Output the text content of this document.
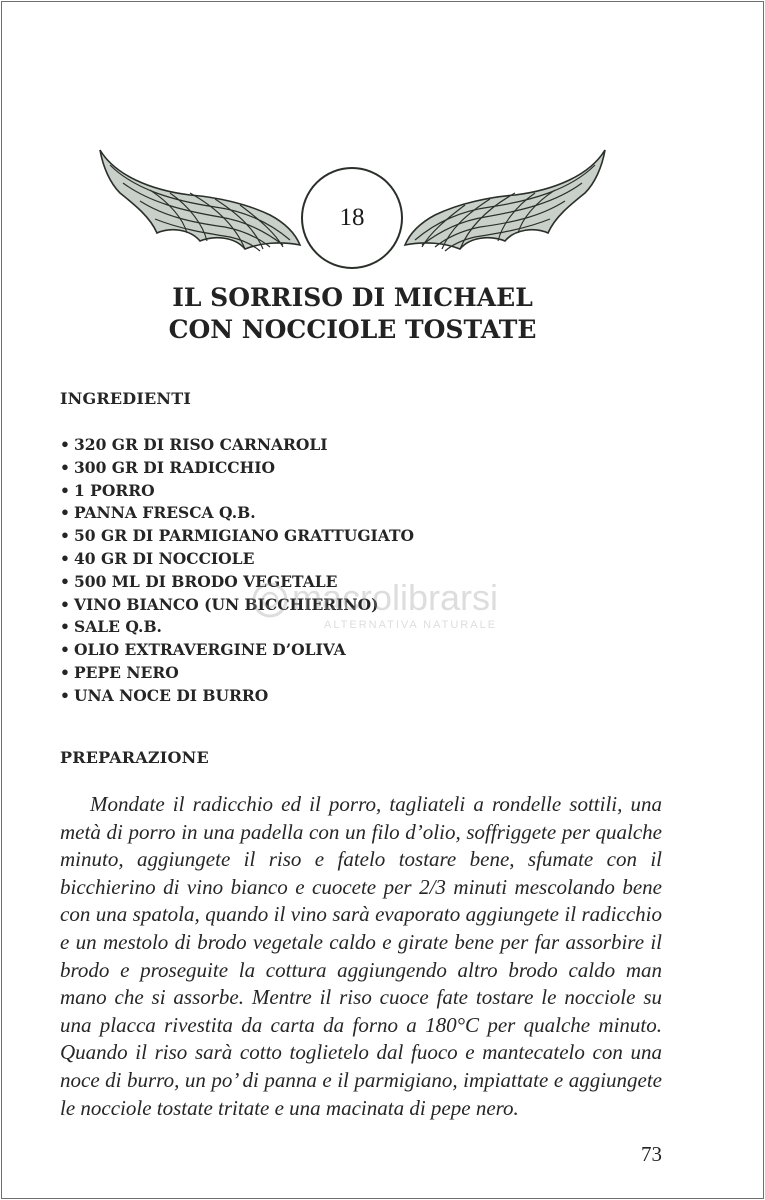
18
IL SORRISO DI MICHAEL
CON NOCCIOLE TOSTATE
INGREDIENTI
• 320 GR DI RISO CARNAROLI
• 300 GR DI RADICCHIO
• 1 PORRO
• PANNA FRESCA Q.B.
• 50 GR DI PARMIGIANO GRATTUGIATO
• 40 GR DI NOCCIOLE
• 500 ML DI BRODO VEGETALE
• VINO BIANCO (UN BICCHIERINO)
• SALE Q.B.
• OLIO EXTRAVERGINE D’OLIVA
• PEPE NERO
• UNA NOCE DI BURRO
macrolibrarsi
ALTERNATIVA NATURALE
PREPARAZIONE

Mondate il radicchio ed il porro, tagliateli a rondelle sottili, una metà di porro in una padella con un filo d’olio, soffriggete per qualche minuto, aggiungete il riso e fatelo tostare bene, sfumate con il bicchierino di vino bianco e cuocete per 2/3 minuti mescolando bene con una spatola, quando il vino sarà evaporato aggiungete il radicchio e un mestolo di brodo vegetale caldo e girate bene per far assorbire il brodo e proseguite la cottura aggiungendo altro brodo caldo man mano che si assorbe. Mentre il riso cuoce fate tostare le nocciole su una placca rivestita da carta da forno a 180°C per qualche minuto. Quando il riso sarà cotto toglietelo dal fuoco e mantecatelo con una noce di burro, un po’ di panna e il parmigiano, impiattate e aggiungete le nocciole tostate tritate e una macinata di pepe nero.

73
